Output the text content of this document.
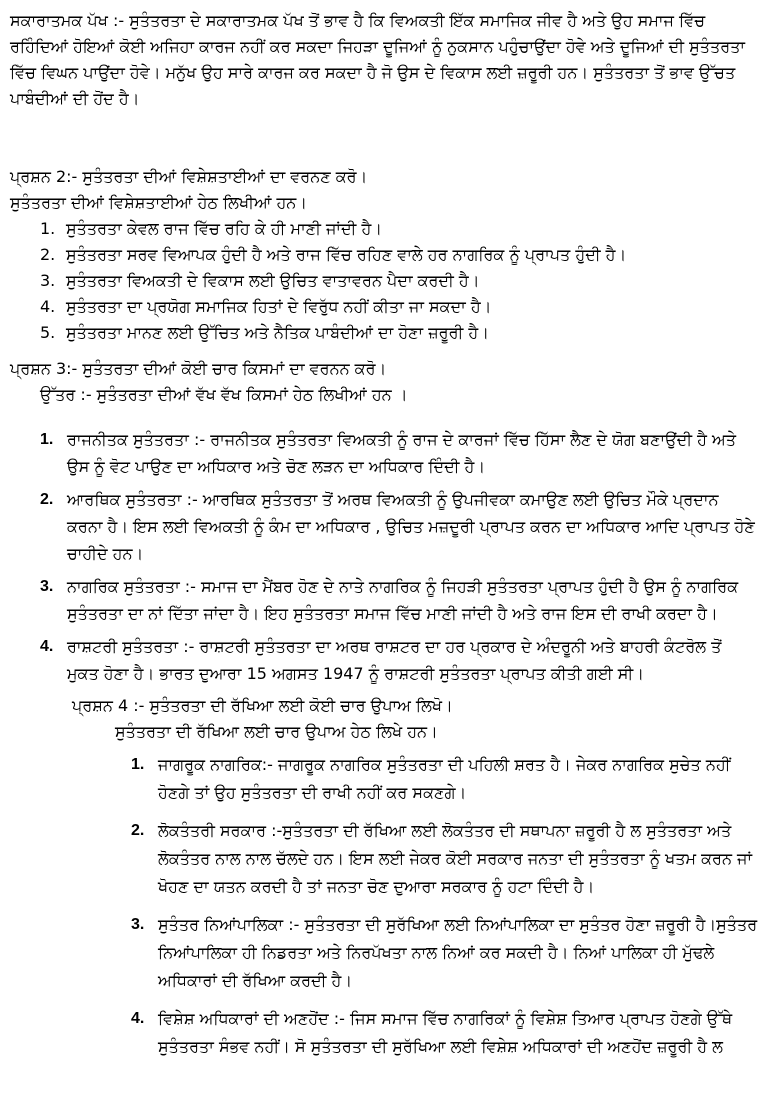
ਸਕਾਰਾਤਮਕ ਪੱਖ :- ਸੁਤੰਤਰਤਾ ਦੇ ਸਕਾਰਾਤਮਕ ਪੱਖ ਤੋਂ ਭਾਵ ਹੈ ਕਿ ਵਿਅਕਤੀ ਇੱਕ ਸਮਾਜਿਕ ਜੀਵ ਹੈ ਅਤੇ ਉਹ ਸਮਾਜ ਵਿੱਚ ਰਹਿੰਦਿਆਂ ਹੋਇਆਂ ਕੋਈ ਅਜਿਹਾ ਕਾਰਜ ਨਹੀਂ ਕਰ ਸਕਦਾ ਜਿਹੜਾ ਦੂਜਿਆਂ ਨੂੰ ਨੁਕਸਾਨ ਪਹੁੰਚਾਉਂਦਾ ਹੋਵੇ ਅਤੇ ਦੂਜਿਆਂ ਦੀ ਸੁਤੰਤਰਤਾ ਵਿੱਚ ਵਿਘਨ ਪਾਉਂਦਾ ਹੋਵੇ। ਮਨੁੱਖ ਉਹ ਸਾਰੇ ਕਾਰਜ ਕਰ ਸਕਦਾ ਹੈ ਜੋ ਉਸ ਦੇ ਵਿਕਾਸ ਲਈ ਜ਼ਰੂਰੀ ਹਨ। ਸੁਤੰਤਰਤਾ ਤੋਂ ਭਾਵ ਉੱਚਤ ਪਾਬੰਦੀਆਂ ਦੀ ਹੋਂਦ ਹੈ।

ਪ੍ਰਸ਼ਨ 2:- ਸੁਤੰਤਰਤਾ ਦੀਆਂ ਵਿਸ਼ੇਸ਼ਤਾਈਆਂ ਦਾ ਵਰਨਣ ਕਰੋ।

ਸੁਤੰਤਰਤਾ ਦੀਆਂ ਵਿਸ਼ੇਸ਼ਤਾਈਆਂ ਹੇਠ ਲਿਖੀਆਂ ਹਨ।

1. ਸੁਤੰਤਰਤਾ ਕੇਵਲ ਰਾਜ ਵਿੱਚ ਰਹਿ ਕੇ ਹੀ ਮਾਣੀ ਜਾਂਦੀ ਹੈ।
2. ਸੁਤੰਤਰਤਾ ਸਰਵ ਵਿਆਪਕ ਹੁੰਦੀ ਹੈ ਅਤੇ ਰਾਜ ਵਿੱਚ ਰਹਿਣ ਵਾਲੇ ਹਰ ਨਾਗਰਿਕ ਨੂੰ ਪ੍ਰਾਪਤ ਹੁੰਦੀ ਹੈ।
3. ਸੁਤੰਤਰਤਾ ਵਿਅਕਤੀ ਦੇ ਵਿਕਾਸ ਲਈ ਉਚਿਤ ਵਾਤਾਵਰਨ ਪੈਦਾ ਕਰਦੀ ਹੈ।
4. ਸੁਤੰਤਰਤਾ ਦਾ ਪ੍ਰਯੋਗ ਸਮਾਜਿਕ ਹਿਤਾਂ ਦੇ ਵਿਰੁੱਧ ਨਹੀਂ ਕੀਤਾ ਜਾ ਸਕਦਾ ਹੈ।
5. ਸੁਤੰਤਰਤਾ ਮਾਨਣ ਲਈ ਉੱਚਿਤ ਅਤੇ ਨੈਤਿਕ ਪਾਬੰਦੀਆਂ ਦਾ ਹੋਣਾ ਜ਼ਰੂਰੀ ਹੈ।

ਪ੍ਰਸ਼ਨ 3:- ਸੁਤੰਤਰਤਾ ਦੀਆਂ ਕੋਈ ਚਾਰ ਕਿਸਮਾਂ ਦਾ ਵਰਨਨ ਕਰੋ।

ਉੱਤਰ :- ਸੁਤੰਤਰਤਾ ਦੀਆਂ ਵੱਖ ਵੱਖ ਕਿਸਮਾਂ ਹੇਠ ਲਿਖੀਆਂ ਹਨ ।

1. ਰਾਜਨੀਤਕ ਸੁਤੰਤਰਤਾ :- ਰਾਜਨੀਤਕ ਸੁਤੰਤਰਤਾ ਵਿਅਕਤੀ ਨੂੰ ਰਾਜ ਦੇ ਕਾਰਜਾਂ ਵਿੱਚ ਹਿੱਸਾ ਲੈਣ ਦੇ ਯੋਗ ਬਣਾਉਂਦੀ ਹੈ ਅਤੇ ਉਸ ਨੂੰ ਵੋਟ ਪਾਉਣ ਦਾ ਅਧਿਕਾਰ ਅਤੇ ਚੋਣ ਲੜਨ ਦਾ ਅਧਿਕਾਰ ਦਿੰਦੀ ਹੈ।
2. ਆਰਥਿਕ ਸੁਤੰਤਰਤਾ :- ਆਰਥਿਕ ਸੁਤੰਤਰਤਾ ਤੋਂ ਅਰਥ ਵਿਅਕਤੀ ਨੂੰ ਉਪਜੀਵਕਾ ਕਮਾਉਣ ਲਈ ਉਚਿਤ ਮੌਕੇ ਪ੍ਰਦਾਨ ਕਰਨਾ ਹੈ। ਇਸ ਲਈ ਵਿਅਕਤੀ ਨੂੰ ਕੰਮ ਦਾ ਅਧਿਕਾਰ , ਉਚਿਤ ਮਜ਼ਦੂਰੀ ਪ੍ਰਾਪਤ ਕਰਨ ਦਾ ਅਧਿਕਾਰ ਆਦਿ ਪ੍ਰਾਪਤ ਹੋਣੇ ਚਾਹੀਦੇ ਹਨ।
3. ਨਾਗਰਿਕ ਸੁਤੰਤਰਤਾ :- ਸਮਾਜ ਦਾ ਮੈਂਬਰ ਹੋਣ ਦੇ ਨਾਤੇ ਨਾਗਰਿਕ ਨੂੰ ਜਿਹੜੀ ਸੁਤੰਤਰਤਾ ਪ੍ਰਾਪਤ ਹੁੰਦੀ ਹੈ ਉਸ ਨੂੰ ਨਾਗਰਿਕ ਸੁਤੰਤਰਤਾ ਦਾ ਨਾਂ ਦਿੱਤਾ ਜਾਂਦਾ ਹੈ। ਇਹ ਸੁਤੰਤਰਤਾ ਸਮਾਜ ਵਿੱਚ ਮਾਣੀ ਜਾਂਦੀ ਹੈ ਅਤੇ ਰਾਜ ਇਸ ਦੀ ਰਾਖੀ ਕਰਦਾ ਹੈ।
4. ਰਾਸ਼ਟਰੀ ਸੁਤੰਤਰਤਾ :- ਰਾਸ਼ਟਰੀ ਸੁਤੰਤਰਤਾ ਦਾ ਅਰਥ ਰਾਸ਼ਟਰ ਦਾ ਹਰ ਪ੍ਰਕਾਰ ਦੇ ਅੰਦਰੂਨੀ ਅਤੇ ਬਾਹਰੀ ਕੰਟਰੋਲ ਤੋਂ ਮੁਕਤ ਹੋਣਾ ਹੈ। ਭਾਰਤ ਦੁਆਰਾ 15 ਅਗਸਤ 1947 ਨੂੰ ਰਾਸ਼ਟਰੀ ਸੁਤੰਤਰਤਾ ਪ੍ਰਾਪਤ ਕੀਤੀ ਗਈ ਸੀ।

ਪ੍ਰਸ਼ਨ 4 :- ਸੁਤੰਤਰਤਾ ਦੀ ਰੱਖਿਆ ਲਈ ਕੋਈ ਚਾਰ ਉਪਾਅ ਲਿਖੋ।

ਸੁਤੰਤਰਤਾ ਦੀ ਰੱਖਿਆ ਲਈ ਚਾਰ ਉਪਾਅ ਹੇਠ ਲਿਖੇ ਹਨ।

1. ਜਾਗਰੂਕ ਨਾਗਰਿਕ:- ਜਾਗਰੂਕ ਨਾਗਰਿਕ ਸੁਤੰਤਰਤਾ ਦੀ ਪਹਿਲੀ ਸ਼ਰਤ ਹੈ। ਜੇਕਰ ਨਾਗਰਿਕ ਸੁਚੇਤ ਨਹੀਂ ਹੋਣਗੇ ਤਾਂ ਉਹ ਸੁਤੰਤਰਤਾ ਦੀ ਰਾਖੀ ਨਹੀਂ ਕਰ ਸਕਣਗੇ।
2. ਲੋਕਤੰਤਰੀ ਸਰਕਾਰ :-ਸੁਤੰਤਰਤਾ ਦੀ ਰੱਖਿਆ ਲਈ ਲੋਕਤੰਤਰ ਦੀ ਸਥਾਪਨਾ ਜ਼ਰੂਰੀ ਹੈ ਲ ਸੁਤੰਤਰਤਾ ਅਤੇ ਲੋਕਤੰਤਰ ਨਾਲ ਨਾਲ ਚੱਲਦੇ ਹਨ। ਇਸ ਲਈ ਜੇਕਰ ਕੋਈ ਸਰਕਾਰ ਜਨਤਾ ਦੀ ਸੁਤੰਤਰਤਾ ਨੂੰ ਖਤਮ ਕਰਨ ਜਾਂ ਖੋਹਣ ਦਾ ਯਤਨ ਕਰਦੀ ਹੈ ਤਾਂ ਜਨਤਾ ਚੋਣ ਦੁਆਰਾ ਸਰਕਾਰ ਨੂੰ ਹਟਾ ਦਿੰਦੀ ਹੈ।
3. ਸੁਤੰਤਰ ਨਿਆਂਪਾਲਿਕਾ :- ਸੁਤੰਤਰਤਾ ਦੀ ਸੁਰੱਖਿਆ ਲਈ ਨਿਆਂਪਾਲਿਕਾ ਦਾ ਸੁਤੰਤਰ ਹੋਣਾ ਜ਼ਰੂਰੀ ਹੈ।ਸੁਤੰਤਰ ਨਿਆਂਪਾਲਿਕਾ ਹੀ ਨਿਡਰਤਾ ਅਤੇ ਨਿਰਪੱਖਤਾ ਨਾਲ ਨਿਆਂ ਕਰ ਸਕਦੀ ਹੈ। ਨਿਆਂ ਪਾਲਿਕਾ ਹੀ ਮੁੱਢਲੇ ਅਧਿਕਾਰਾਂ ਦੀ ਰੱਖਿਆ ਕਰਦੀ ਹੈ।
4. ਵਿਸ਼ੇਸ਼ ਅਧਿਕਾਰਾਂ ਦੀ ਅਣਹੋਂਦ :- ਜਿਸ ਸਮਾਜ ਵਿੱਚ ਨਾਗਰਿਕਾਂ ਨੂੰ ਵਿਸ਼ੇਸ਼ ਤਿਆਰ ਪ੍ਰਾਪਤ ਹੋਣਗੇ ਉੱਥੇ ਸੁਤੰਤਰਤਾ ਸੰਭਵ ਨਹੀਂ। ਸੋ ਸੁਤੰਤਰਤਾ ਦੀ ਸੁਰੱਖਿਆ ਲਈ ਵਿਸ਼ੇਸ਼ ਅਧਿਕਾਰਾਂ ਦੀ ਅਣਹੋਂਦ ਜ਼ਰੂਰੀ ਹੈ ਲ
